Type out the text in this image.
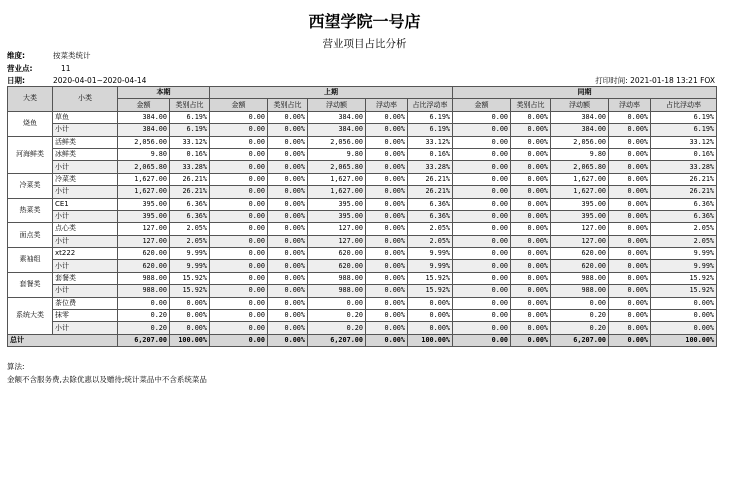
西望学院一号店
营业项目占比分析
维度:	按菜类统计
营业点:	11
日期:	2020-04-01~2020-04-14	打印时间: 2021-01-18 13:21 FOX
大类	小类	本期		上期					同期				
		金额	类别占比	金额	类别占比	浮动额	浮动率	占比浮动率	金额	类别占比	浮动额	浮动率	占比浮动率
烧鱼	草鱼	384.00	6.19%	0.00	0.00%	384.00	0.00%	6.19%	0.00	0.00%	384.00	0.00%	6.19%
	小计	384.00	6.19%	0.00	0.00%	384.00	0.00%	6.19%	0.00	0.00%	384.00	0.00%	6.19%
河海鲜类	活鲜类	2,056.00	33.12%	0.00	0.00%	2,056.00	0.00%	33.12%	0.00	0.00%	2,056.00	0.00%	33.12%
	冰鲜类	9.80	0.16%	0.00	0.00%	9.80	0.00%	0.16%	0.00	0.00%	9.80	0.00%	0.16%
	小计	2,065.80	33.28%	0.00	0.00%	2,065.80	0.00%	33.28%	0.00	0.00%	2,065.80	0.00%	33.28%
冷菜类	冷菜类	1,627.00	26.21%	0.00	0.00%	1,627.00	0.00%	26.21%	0.00	0.00%	1,627.00	0.00%	26.21%
	小计	1,627.00	26.21%	0.00	0.00%	1,627.00	0.00%	26.21%	0.00	0.00%	1,627.00	0.00%	26.21%
热菜类	CE1	395.00	6.36%	0.00	0.00%	395.00	0.00%	6.36%	0.00	0.00%	395.00	0.00%	6.36%
	小计	395.00	6.36%	0.00	0.00%	395.00	0.00%	6.36%	0.00	0.00%	395.00	0.00%	6.36%
面点类	点心类	127.00	2.05%	0.00	0.00%	127.00	0.00%	2.05%	0.00	0.00%	127.00	0.00%	2.05%
	小计	127.00	2.05%	0.00	0.00%	127.00	0.00%	2.05%	0.00	0.00%	127.00	0.00%	2.05%
素袖组	xt222	620.00	9.99%	0.00	0.00%	620.00	0.00%	9.99%	0.00	0.00%	620.00	0.00%	9.99%
	小计	620.00	9.99%	0.00	0.00%	620.00	0.00%	9.99%	0.00	0.00%	620.00	0.00%	9.99%
套餐类	套餐类	988.00	15.92%	0.00	0.00%	988.00	0.00%	15.92%	0.00	0.00%	988.00	0.00%	15.92%
	小计	988.00	15.92%	0.00	0.00%	988.00	0.00%	15.92%	0.00	0.00%	988.00	0.00%	15.92%
系统大类	茶位费	0.00	0.00%	0.00	0.00%	0.00	0.00%	0.00%	0.00	0.00%	0.00	0.00%	0.00%
	抹零	0.20	0.00%	0.00	0.00%	0.20	0.00%	0.00%	0.00	0.00%	0.20	0.00%	0.00%
	小计	0.20	0.00%	0.00	0.00%	0.20	0.00%	0.00%	0.00	0.00%	0.20	0.00%	0.00%
总计		6,207.00	100.00%	0.00	0.00%	6,207.00	0.00%	100.00%	0.00	0.00%	6,207.00	0.00%	100.00%
算法:
金额不含服务费,去除优惠以及赠待;统计菜品中不含系统菜品
